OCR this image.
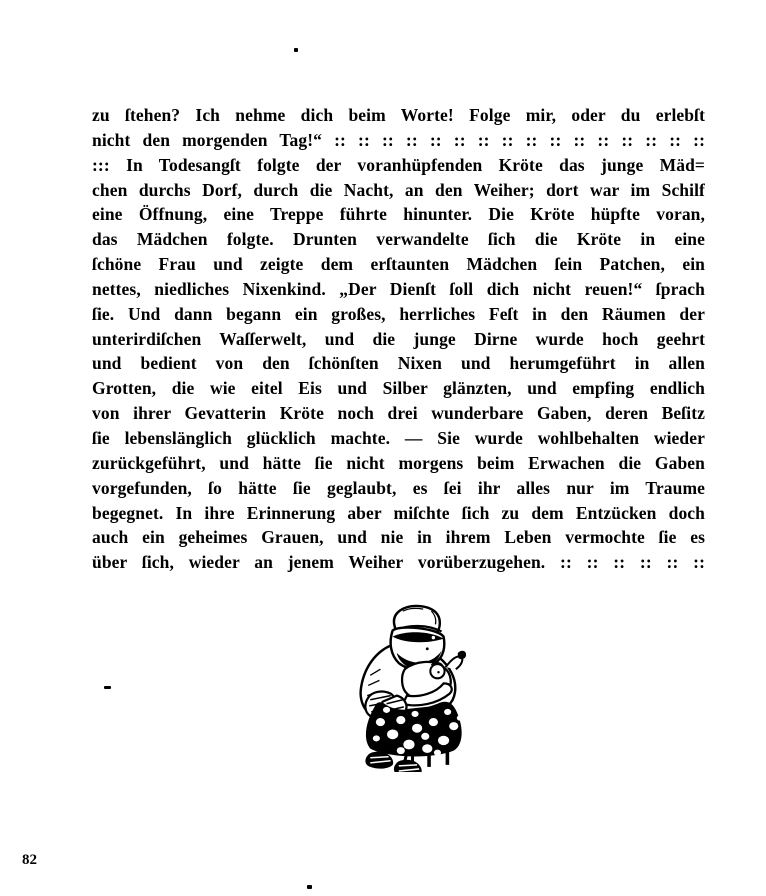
zu ſtehen? Ich nehme dich beim Worte! Folge mir, oder du erlebſt
nicht den morgenden Tag!“ :: :: :: :: :: :: :: :: :: :: :: :: :: :: :: ::
::: In Todesangſt folgte der voranhüpfenden Kröte das junge Mäd=
chen durchs Dorf, durch die Nacht, an den Weiher; dort war im Schilf
eine Öffnung, eine Treppe führte hinunter. Die Kröte hüpfte voran,
das Mädchen folgte. Drunten verwandelte ſich die Kröte in eine
ſchöne Frau und zeigte dem erſtaunten Mädchen ſein Patchen, ein
nettes, niedliches Nixenkind. „Der Dienſt ſoll dich nicht reuen!“ ſprach
ſie. Und dann begann ein großes, herrliches Feſt in den Räumen der
unterirdiſchen Waſſerwelt, und die junge Dirne wurde hoch geehrt
und bedient von den ſchönſten Nixen und herumgeführt in allen
Grotten, die wie eitel Eis und Silber glänzten, und empfing endlich
von ihrer Gevatterin Kröte noch drei wunderbare Gaben, deren Beſitz
ſie lebenslänglich glücklich machte. — Sie wurde wohlbehalten wieder
zurückgeführt, und hätte ſie nicht morgens beim Erwachen die Gaben
vorgefunden, ſo hätte ſie geglaubt, es ſei ihr alles nur im Traume
begegnet. In ihre Erinnerung aber miſchte ſich zu dem Entzücken doch
auch ein geheimes Grauen, und nie in ihrem Leben vermochte ſie es
über ſich, wieder an jenem Weiher vorüberzugehen. :: :: :: :: :: ::
82
